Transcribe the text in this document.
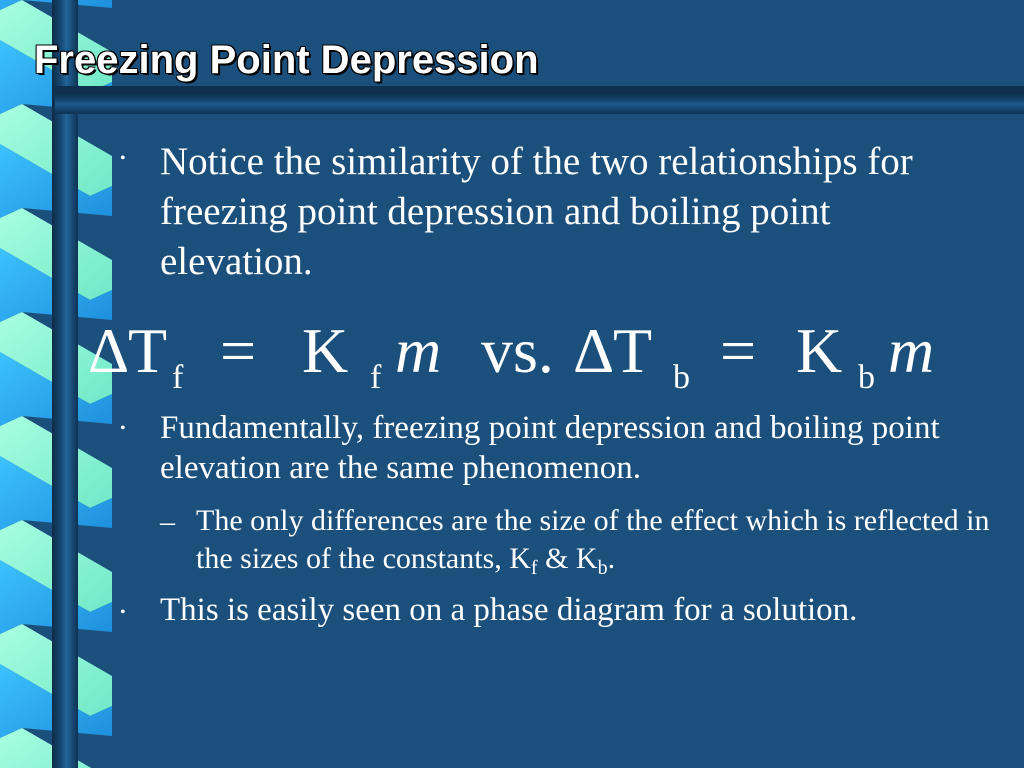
Freezing Point Depression
• Notice the similarity of the two relationships for freezing point depression and boiling point elevation.
Δ
T f = K f m vs. Δ
T b = K b m
• Fundamentally, freezing point depression and boiling point elevation are the same phenomenon.
– The only differences are the size of the effect which is reflected in the sizes of the constants, $K_f$ & $K_b$.
• This is easily seen on a phase diagram for a solution.
